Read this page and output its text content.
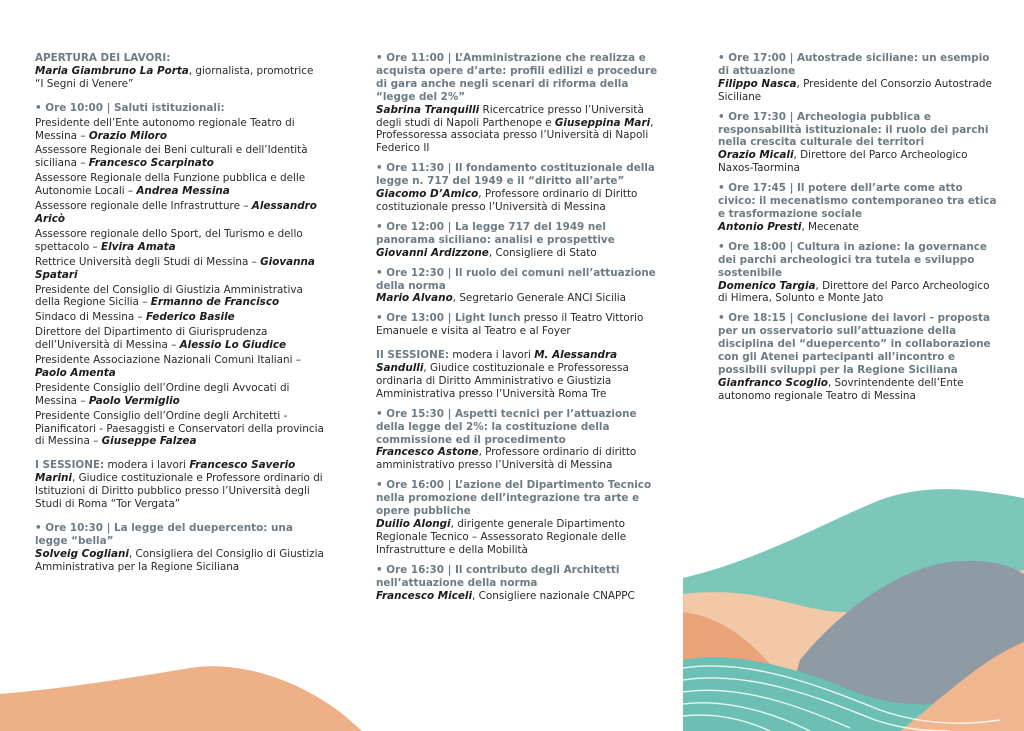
APERTURA DEI LAVORI:

Maria Giambruno La Porta, giornalista, promotrice “I Segni di Venere”

• Ore 10:00 | Saluti istituzionali:

Presidente dell’Ente autonomo regionale Teatro di Messina – Orazio Miloro

Assessore Regionale dei Beni culturali e dell’Identità siciliana – Francesco Scarpinato

Assessore Regionale della Funzione pubblica e delle Autonomie Locali – Andrea Messina

Assessore regionale delle Infrastrutture – Alessandro Aricò

Assessore regionale dello Sport, del Turismo e dello spettacolo – Elvira Amata

Rettrice Università degli Studi di Messina – Giovanna Spatari

Presidente del Consiglio di Giustizia Amministrativa della Regione Sicilia – Ermanno de Francisco

Sindaco di Messina – Federico Basile

Direttore del Dipartimento di Giurisprudenza dell’Università di Messina – Alessio Lo Giudice

Presidente Associazione Nazionali Comuni Italiani – Paolo Amenta

Presidente Consiglio dell’Ordine degli Avvocati di Messina – Paolo Vermiglio

Presidente Consiglio dell’Ordine degli Architetti - Pianificatori - Paesaggisti e Conservatori della provincia di Messina – Giuseppe Falzea

I SESSIONE: modera i lavori Francesco Saverio Marini, Giudice costituzionale e Professore ordinario di Istituzioni di Diritto pubblico presso l’Università degli Studi di Roma “Tor Vergata”

• Ore 10:30 | La legge del duepercento: una legge “bella”

Solveig Cogliani, Consigliera del Consiglio di Giustizia Amministrativa per la Regione Siciliana

• Ore 11:00 | L’Amministrazione che realizza e acquista opere d’arte: profili edilizi e procedure di gara anche negli scenari di riforma della “legge del 2%”

Sabrina Tranquilli Ricercatrice presso l’Università degli studi di Napoli Parthenope e Giuseppina Mari, Professoressa associata presso l’Università di Napoli Federico II

• Ore 11:30 | Il fondamento costituzionale della legge n. 717 del 1949 e il “diritto all’arte”

Giacomo D’Amico, Professore ordinario di Diritto costituzionale presso l’Università di Messina

• Ore 12:00 | La legge 717 del 1949 nel panorama siciliano: analisi e prospettive

Giovanni Ardizzone, Consigliere di Stato

• Ore 12:30 | Il ruolo dei comuni nell’attuazione della norma

Mario Alvano, Segretario Generale ANCI Sicilia

• Ore 13:00 | Light lunch presso il Teatro Vittorio Emanuele e visita al Teatro e al Foyer

II SESSIONE: modera i lavori M. Alessandra Sandulli, Giudice costituzionale e Professoressa ordinaria di Diritto Amministrativo e Giustizia Amministrativa presso l’Università Roma Tre

• Ore 15:30 | Aspetti tecnici per l’attuazione della legge del 2%: la costituzione della commissione ed il procedimento

Francesco Astone, Professore ordinario di diritto amministrativo presso l’Università di Messina

• Ore 16:00 | L’azione del Dipartimento Tecnico nella promozione dell’integrazione tra arte e opere pubbliche

Duilio Alongi, dirigente generale Dipartimento Regionale Tecnico – Assessorato Regionale delle Infrastrutture e della Mobilità

• Ore 16:30 | Il contributo degli Architetti nell’attuazione della norma

Francesco Miceli, Consigliere nazionale CNAPPC

• Ore 17:00 | Autostrade siciliane: un esempio di attuazione

Filippo Nasca, Presidente del Consorzio Autostrade Siciliane

• Ore 17:30 | Archeologia pubblica e responsabilità istituzionale: il ruolo dei parchi nella crescita culturale dei territori

Orazio Micali, Direttore del Parco Archeologico Naxos-Taormina

• Ore 17:45 | Il potere dell’arte come atto civico: il mecenatismo contemporaneo tra etica e trasformazione sociale

Antonio Presti, Mecenate

• Ore 18:00 | Cultura in azione: la governance dei parchi archeologici tra tutela e sviluppo sostenibile

Domenico Targia, Direttore del Parco Archeologico di Himera, Solunto e Monte Jato

• Ore 18:15 | Conclusione dei lavori - proposta per un osservatorio sull’attuazione della disciplina del “duepercento” in collaborazione con gli Atenei partecipanti all’incontro e possibili sviluppi per la Regione Siciliana

Gianfranco Scoglio, Sovrintendente dell’Ente autonomo regionale Teatro di Messina
